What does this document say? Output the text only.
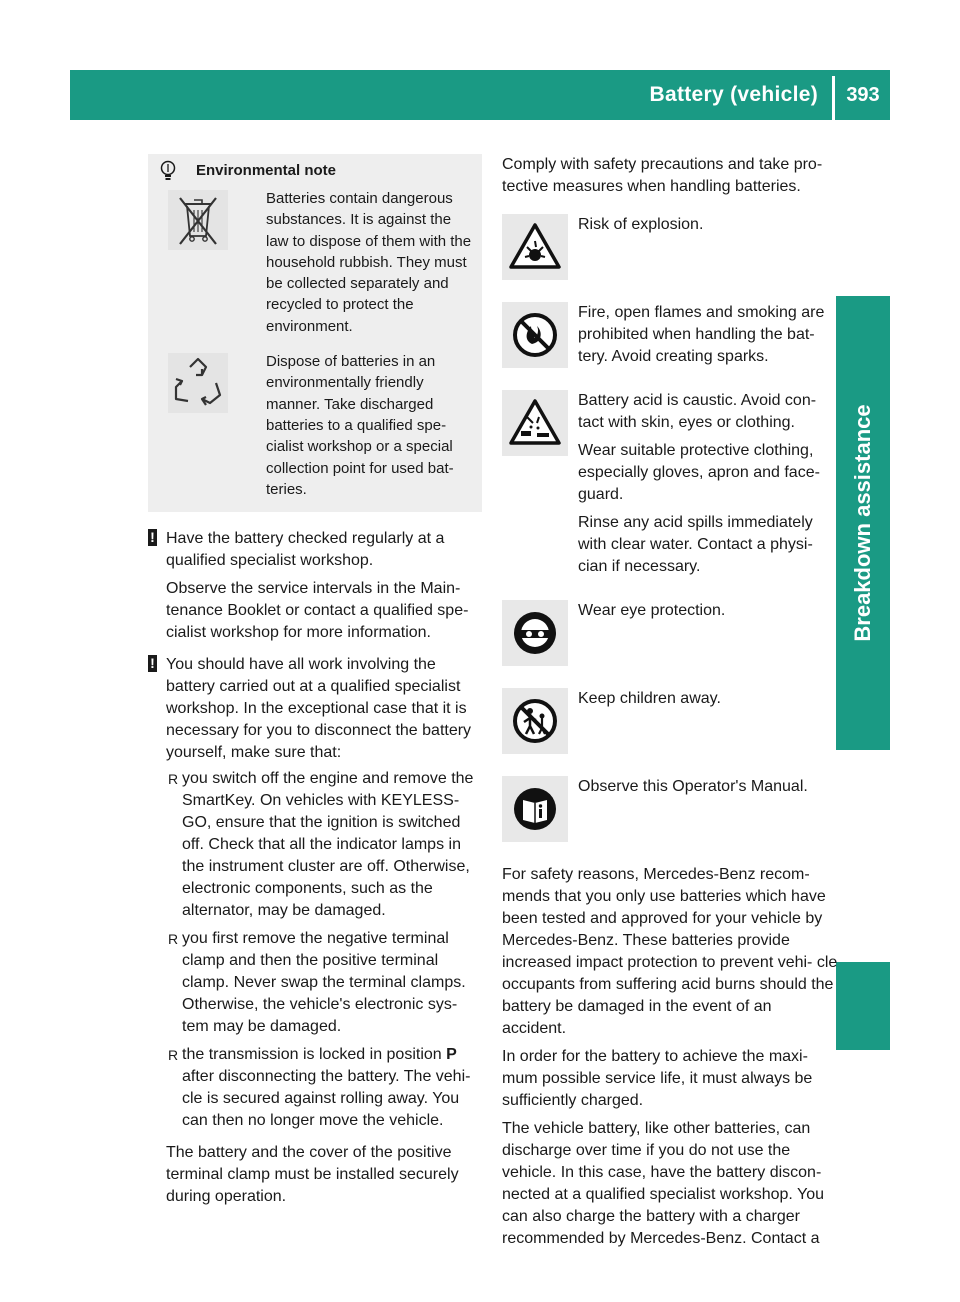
Battery (vehicle)	393
Breakdown assistance
Environmental note
Batteries contain dangerous substances. It is against the law to dispose of them with the household rubbish. They must be collected separately and recycled to protect the environment.
Dispose of batteries in an environmentally friendly manner. Take discharged batteries to a qualified spe- cialist workshop or a special collection point for used bat- teries.
! Have the battery checked regularly at a qualified specialist workshop.

Observe the service intervals in the Main- tenance Booklet or contact a qualified spe- cialist workshop for more information.

! You should have all work involving the battery carried out at a qualified specialist workshop. In the exceptional case that it is necessary for you to disconnect the battery yourself, make sure that:

R you switch off the engine and remove the SmartKey. On vehicles with KEYLESS- GO, ensure that the ignition is switched off. Check that all the indicator lamps in the instrument cluster are off. Otherwise, electronic components, such as the alternator, may be damaged.
R you first remove the negative terminal clamp and then the positive terminal clamp. Never swap the terminal clamps. Otherwise, the vehicle's electronic sys- tem may be damaged.
R the transmission is locked in position P after disconnecting the battery. The vehi- cle is secured against rolling away. You can then no longer move the vehicle.

The battery and the cover of the positive terminal clamp must be installed securely during operation.

Comply with safety precautions and take pro- tective measures when handling batteries.

Risk of explosion.

Fire, open flames and smoking are prohibited when handling the bat- tery. Avoid creating sparks.

Battery acid is caustic. Avoid con- tact with skin, eyes or clothing.

Wear suitable protective clothing, especially gloves, apron and face- guard.

Rinse any acid spills immediately with clear water. Contact a physi- cian if necessary.

Wear eye protection.

Keep children away.

Observe this Operator's Manual.

For safety reasons, Mercedes-Benz recom- mends that you only use batteries which have been tested and approved for your vehicle by Mercedes-Benz. These batteries provide increased impact protection to prevent vehi- cle occupants from suffering acid burns should the battery be damaged in the event of an accident.

In order for the battery to achieve the maxi- mum possible service life, it must always be sufficiently charged.

The vehicle battery, like other batteries, can discharge over time if you do not use the vehicle. In this case, have the battery discon- nected at a qualified specialist workshop. You can also charge the battery with a charger recommended by Mercedes-Benz. Contact a
